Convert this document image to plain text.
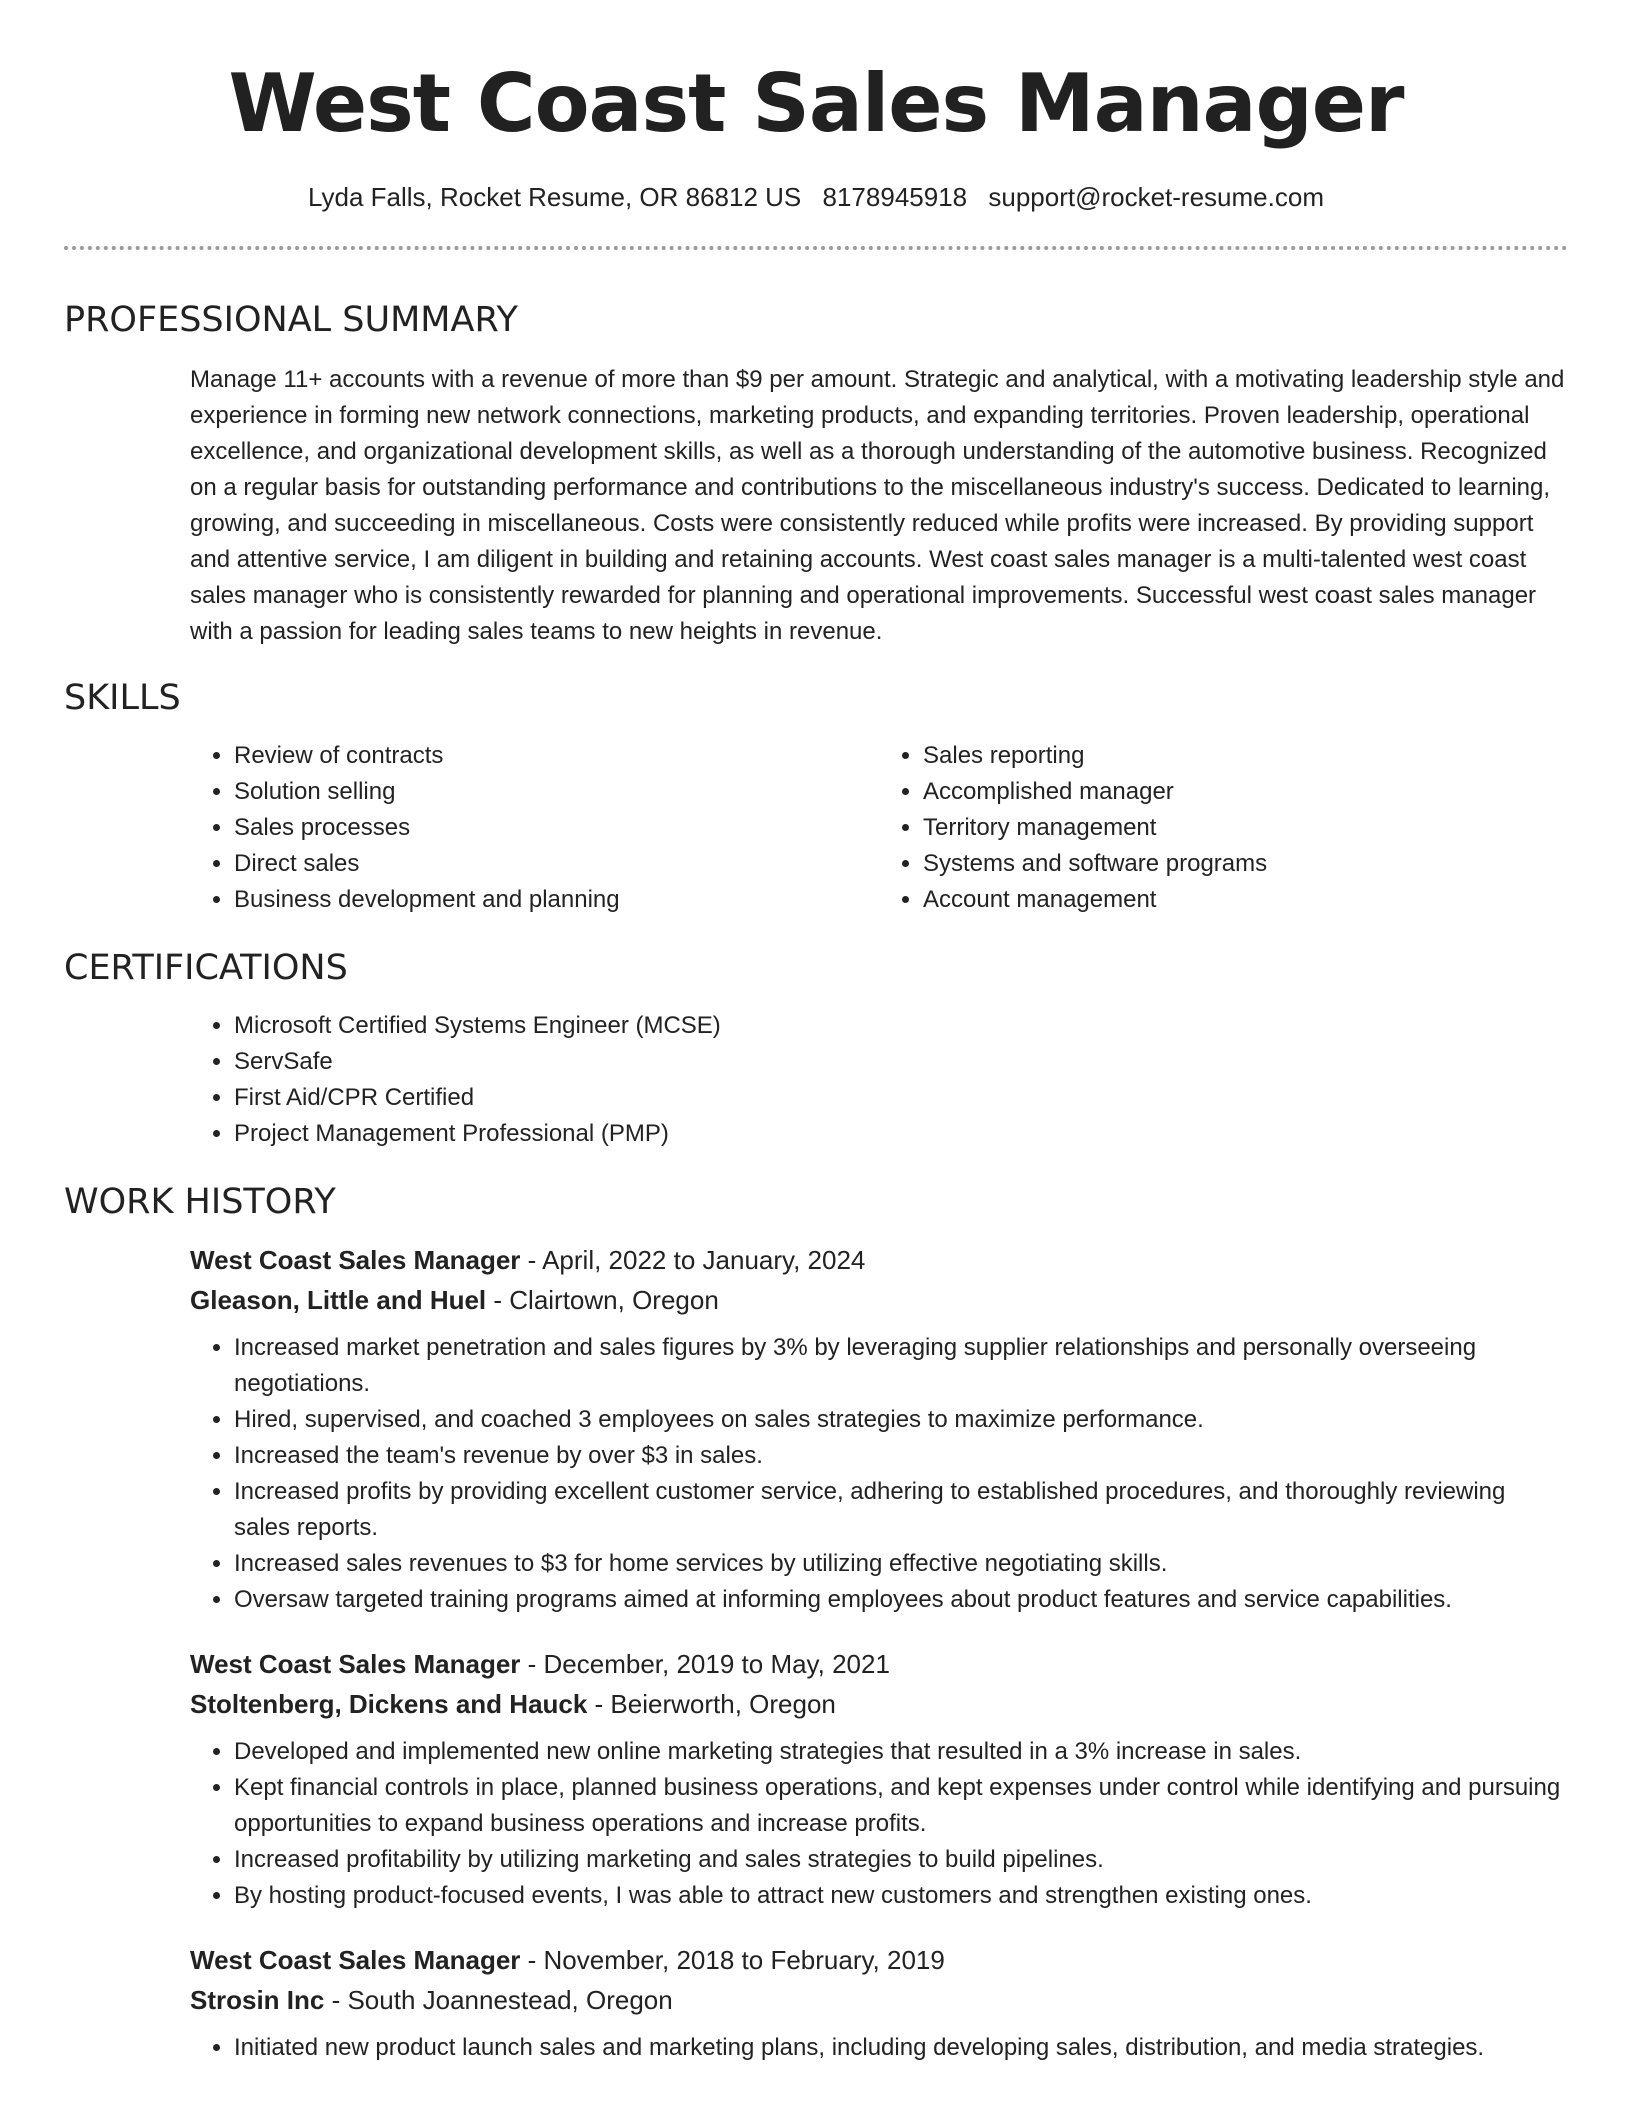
West Coast Sales Manager
Lyda Falls, Rocket Resume, OR 86812 US 8178945918 support@rocket-resume.com
PROFESSIONAL SUMMARY

Manage 11+ accounts with a revenue of more than $9 per amount. Strategic and analytical, with a motivating leadership style and experience in forming new network connections, marketing products, and expanding territories. Proven leadership, operational excellence, and organizational development skills, as well as a thorough understanding of the automotive business. Recognized on a regular basis for outstanding performance and contributions to the miscellaneous industry's success. Dedicated to learning, growing, and succeeding in miscellaneous. Costs were consistently reduced while profits were increased. By providing support and attentive service, I am diligent in building and retaining accounts. West coast sales manager is a multi-talented west coast sales manager who is consistently rewarded for planning and operational improvements. Successful west coast sales manager with a passion for leading sales teams to new heights in revenue.

SKILLS
• Review of contracts
• Solution selling
• Sales processes
• Direct sales
• Business development and planning
• Sales reporting
• Accomplished manager
• Territory management
• Systems and software programs
• Account management
CERTIFICATIONS
• Microsoft Certified Systems Engineer (MCSE)
• ServSafe
• First Aid/CPR Certified
• Project Management Professional (PMP)
WORK HISTORY
West Coast Sales Manager - April, 2022 to January, 2024
Gleason, Little and Huel - Clairtown, Oregon
• Increased market penetration and sales figures by 3% by leveraging supplier relationships and personally overseeing negotiations.
• Hired, supervised, and coached 3 employees on sales strategies to maximize performance.
• Increased the team's revenue by over $3 in sales.
• Increased profits by providing excellent customer service, adhering to established procedures, and thoroughly reviewing sales reports.
• Increased sales revenues to $3 for home services by utilizing effective negotiating skills.
• Oversaw targeted training programs aimed at informing employees about product features and service capabilities.
West Coast Sales Manager - December, 2019 to May, 2021
Stoltenberg, Dickens and Hauck - Beierworth, Oregon
• Developed and implemented new online marketing strategies that resulted in a 3% increase in sales.
• Kept financial controls in place, planned business operations, and kept expenses under control while identifying and pursuing opportunities to expand business operations and increase profits.
• Increased profitability by utilizing marketing and sales strategies to build pipelines.
• By hosting product-focused events, I was able to attract new customers and strengthen existing ones.
West Coast Sales Manager - November, 2018 to February, 2019
Strosin Inc - South Joannestead, Oregon
• Initiated new product launch sales and marketing plans, including developing sales, distribution, and media strategies.
